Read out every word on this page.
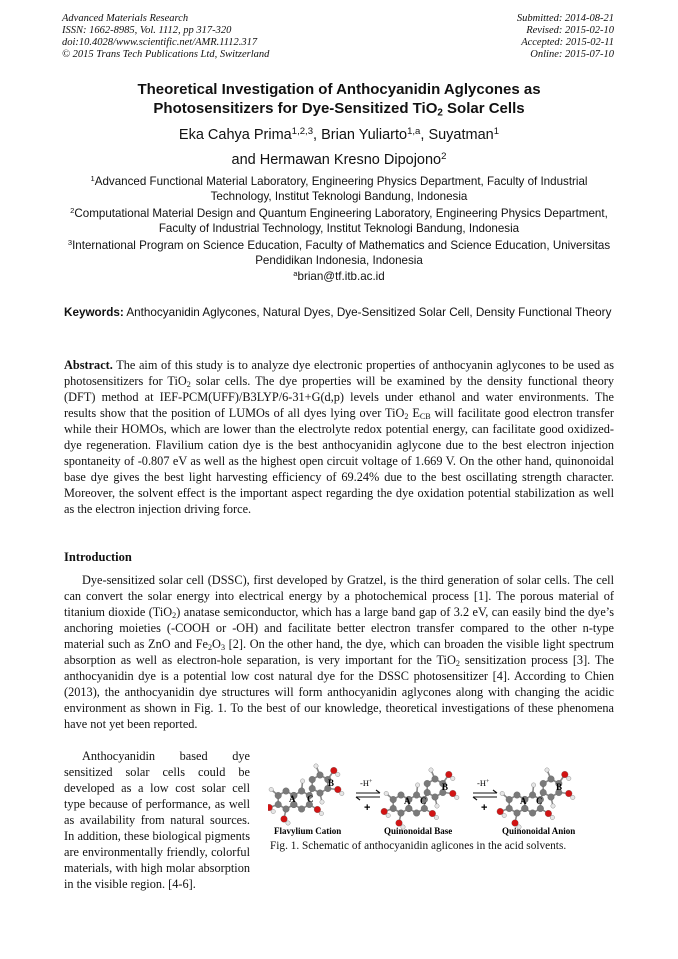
Advanced Materials Research
ISSN: 1662-8985, Vol. 1112, pp 317-320
doi:10.4028/www.scientific.net/AMR.1112.317
© 2015 Trans Tech Publications Ltd, Switzerland
Submitted: 2014-08-21
Revised: 2015-02-10
Accepted: 2015-02-11
Online: 2015-07-10
Theoretical Investigation of Anthocyanidin Aglycones as
Photosensitizers for Dye-Sensitized TiO$_2$ Solar Cells
Eka Cahya Prima$^{1,2,3}$, Brian Yuliarto$^{1,a}$, Suyatman$^1$
and Hermawan Kresno Dipojono$^2$
$^1$Advanced Functional Material Laboratory, Engineering Physics Department, Faculty of Industrial Technology, Institut Teknologi Bandung, Indonesia
$^2$Computational Material Design and Quantum Engineering Laboratory, Engineering Physics Department, Faculty of Industrial Technology, Institut Teknologi Bandung, Indonesia
$^3$International Program on Science Education, Faculty of Mathematics and Science Education, Universitas Pendidikan Indonesia, Indonesia
$^a$brian@tf.itb.ac.id
Keywords: Anthocyanidin Aglycones, Natural Dyes, Dye-Sensitized Solar Cell, Density Functional Theory
Abstract. The aim of this study is to analyze dye electronic properties of anthocyanin aglycones to be used as photosensitizers for TiO$_2$ solar cells. The dye properties will be examined by the density functional theory (DFT) method at IEF-PCM(UFF)/B3LYP/6-31+G(d,p) levels under ethanol and water environments. The results show that the position of LUMOs of all dyes lying over TiO$_2$ $E_{CB}$ will facilitate good electron transfer while their HOMOs, which are lower than the electrolyte redox potential energy, can facilitate good oxidized-dye regeneration. Flavilium cation dye is the best anthocyanidin aglycone due to the best electron injection spontaneity of -0.807 eV as well as the highest open circuit voltage of 1.669 V. On the other hand, quinonoidal base dye gives the best light harvesting efficiency of 69.24% due to the best oscillating strength character. Moreover, the solvent effect is the important aspect regarding the dye oxidation potential stabilization as well as the electron injection driving force.
Introduction
Dye-sensitized solar cell (DSSC), first developed by Gratzel, is the third generation of solar cells. The cell can convert the solar energy into electrical energy by a photochemical process [1]. The porous material of titanium dioxide (TiO$_2$) anatase semiconductor, which has a large band gap of 3.2 eV, can easily bind the dye’s anchoring moieties (-COOH or -OH) and facilitate better electron transfer compared to the other n-type material such as ZnO and $Fe_2O_3$ [2]. On the other hand, the dye, which can broaden the visible light spectrum absorption as well as electron-hole separation, is very important for the TiO$_2$ sensitization process [3]. The anthocyanidin dye is a potential low cost natural dye for the DSSC photosensitizer [4]. According to Chien (2013), the anthocyanidin dye structures will form anthocyanidin aglycones along with changing the acidic environment as shown in Fig. 1. To the best of our knowledge, theoretical investigations of these phenomena have not yet been reported.
Anthocyanidin based dye sensitized solar cells could be developed as a low cost solar cell type because of performance, as well as availability from natural sources. In addition, these biological pigments are environmentally friendly, colorful materials, with high molar absorption in the visible region. [4-6].
A C
B
A C
B
A C
B
-H+
+
-H+
+
Flavylium Cation	Quinonoidal Base	Quinonoidal Anion
Fig. 1. Schematic of anthocyanidin aglicones in the acid solvents.
